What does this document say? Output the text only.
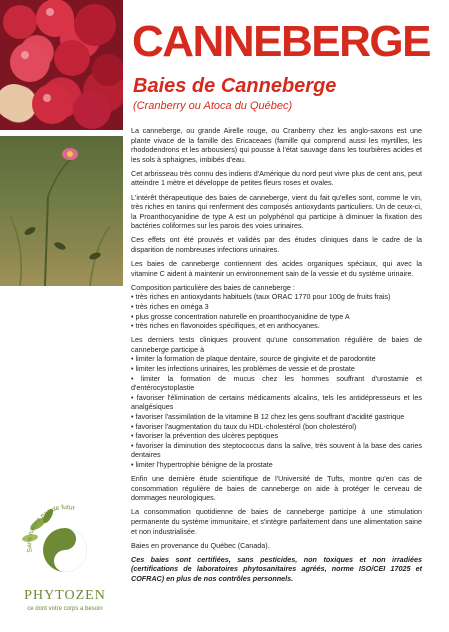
CANNEBERGE
Baies de Canneberge
(Cranberry ou Atoca du Québec)

La canneberge, ou grande Airelle rouge, ou Cranberry chez les anglo-saxons est une plante vivace de la famille des Ericaceaes (famille qui comprend aussi les myrtilles, les rhododendrons et les arbousiers) qui pousse à l'état sauvage dans les tourbières acides et les sols à sphaignes, imbibés d'eau.

Cet arbrisseau très connu des indiens d'Amérique du nord peut vivre plus de cent ans, peut atteindre 1 mètre et développe de petites fleurs roses et ovales.

L'intérêt thérapeutique des baies de canneberge, vient du fait qu'elles sont, comme le vin, très riches en tanins qui renferment des composés antioxydants particuliers. Un de ceux-ci, la Proanthocyanidine de type A est un polyphénol qui participe à diminuer la fixation des bactéries coliformes sur les parois des voies urinaires.

Ces effets ont été prouvés et validés par des études cliniques dans le cadre de la disparition de nombreuses infections urinaires.

Les baies de canneberge contiennent des acides organiques spéciaux, qui avec la vitamine C aident à maintenir un environnement sain de la vessie et du système urinaire.

Composition particulière des baies de canneberge :
• très riches en antioxydants habituels (taux ORAC 1770 pour 100g de fruits frais)
• très riches en oméga 3
• plus grosse concentration naturelle en proanthocyanidine de type A
• très riches en flavonoides spécifiques, et en anthocyanes.
Les derniers tests cliniques prouvent qu'une consommation régulière de baies de canneberge participe à
• limiter la formation de plaque dentaire, source de gingivite et de parodontite
• limiter les infections urinaires, les problèmes de vessie et de prostate
• limiter la formation de mucus chez les hommes souffrant d'urostamie et d'entérocystoplastie
• favoriser l'élimination de certains médicaments alcalins, tels les antidépresseurs et les analgésiques
• favoriser l'assimilation de la vitamine B 12 chez les gens souffrant d'acidité gastrique
• favoriser l'augmentation du taux du HDL-cholestérol (bon cholestérol)
• favoriser la prévention des ulcères peptiques
• favoriser la diminution des steptococcus dans la salive, très souvent à la base des caries dentaires
• limiter l'hypertrophie bénigne de la prostate

Enfin une dernière étude scientifique de l'Université de Tufts, montre qu'en cas de consommation régulière de baies de canneberge on aide à protéger le cerveau de dommages neurologiques.

La consommation quotidienne de baies de canneberge participe à une stimulation permanente du système immunitaire, et s'intègre parfaitement dans une alimentation saine et non industrialisée.

Baies en provenance du Québec (Canada).

Ces baies sont certifiées, sans pesticides, non toxiques et non irradiées (certifications de laboratoires phytosanitaires agréés, norme ISO/CEI 17025 et COFRAC) en plus de nos contrôles personnels.

Sans nature pas de futur
PHYTOZEN
ce dont votre corps a besoin
